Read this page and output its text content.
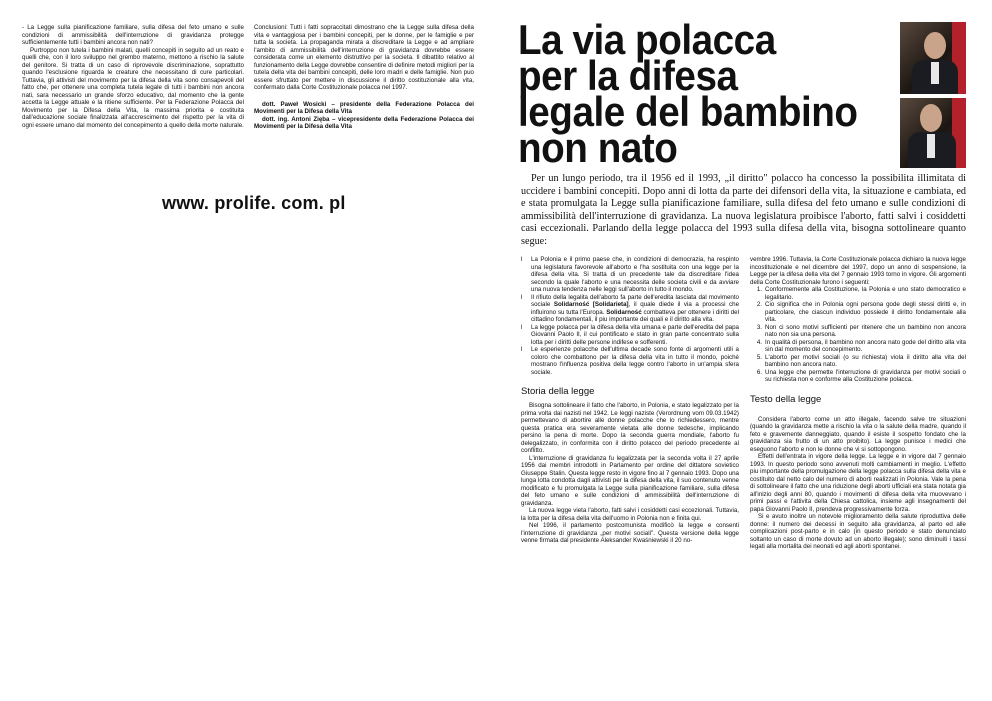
- La Legge sulla pianificazione familiare, sulla difesa del feto umano e sulle condizioni di ammissibilità dell'interruzione di gravidanza protegge sufficientemente tutti i bambini ancora non nati?

Purtroppo non tutela i bambini malati, quelli concepiti in seguito ad un reato e quelli che, con il loro sviluppo nel grembo materno, mettono a rischio la salute del genitore. Si tratta di un caso di riprovevole discriminazione, soprattutto quando l'esclusione riguarda le creature che necessitano di cure particolari. Tuttavia, gli attivisti del movimento per la difesa della vita sono consapevoli del fatto che, per ottenere una completa tutela legale di tutti i bambini non ancora nati, sara necessario un grande sforzo educativo, dal momento che la gente accetta la Legge attuale e la ritiene sufficiente. Per la Federazione Polacca del Movimento per la Difesa della Vita, la massima priorita e costituita dall'educazione sociale finalizzata all'accrescimento del rispetto per la vita di ogni essere umano dal momento del concepimento a quello della morte naturale.

Conclusioni: Tutti i fatti sopraccitati dimostrano che la Legge sulla difesa della vita e vantaggiosa per i bambini concepiti, per le donne, per le famiglie e per tutta la societa. La propaganda mirata a discreditare la Legge e ad ampliare l'ambito di ammissibilità dell'interruzione di gravidanza dovrebbe essere considerata come un elemento distruttivo per la societa. Il dibattito relativo al funzionamento della Legge dovrebbe consentire di definire metodi migliori per la tutela della vita dei bambini concepiti, delle loro madri e delle famiglie. Non puo essere sfruttato per mettere in discussione il diritto costituzionale alla vita, confermato dalla Corte Costituzionale polacca nel 1997.

dott. Paweł Wosicki – presidente della Federazione Polacca dei Movimenti per la Difesa della Vita

dott. ing. Antoni Zięba – vicepresidente della Federazione Polacca dei Movimenti per la Difesa della Vita

www. prolife. com. pl
La via polacca
per la difesa
legale del bambino
non nato
Per un lungo periodo, tra il 1956 ed il 1993, „il diritto" polacco ha concesso la possibilita illimitata di uccidere i bambini concepiti. Dopo anni di lotta da parte dei difensori della vita, la situazione e cambiata, ed e stata promulgata la Legge sulla pianificazione familiare, sulla difesa del feto umano e sulle condizioni di ammissibilità dell'interruzione di gravidanza. La nuova legislatura proibisce l'aborto, fatti salvi i cosiddetti casi eccezionali. Parlando della legge polacca del 1993 sulla difesa della vita, bisogna sottolineare quanto segue:
l	La Polonia e il primo paese che, in condizioni di democrazia, ha respinto una legislatura favorevole all'aborto e l'ha sostituita con una legge per la difesa della vita. Si tratta di un precedente tale da discreditare l'idea secondo la quale l'aborto e una necessita delle societa civili e da avviare una nuova tendenza nelle leggi sull'aborto in tutto il mondo.
l	Il rifiuto della legalita dell'aborto fa parte dell'eredita lasciata dal movimento sociale Solidarność [Solidarieta], il quale diede il via a processi che influirono su tutta l'Europa. Solidarność combatteva per ottenere i diritti del cittadino fondamentali, il piu importante dei quali e il diritto alla vita.
l	La legge polacca per la difesa della vita umana e parte dell'eredita del papa Giovanni Paolo II, il cui pontificato e stato in gran parte concentrato sulla lotta per i diritti delle persone indifese e sofferenti.
l	Le esperienze polacche dell'ultima decade sono fonte di argomenti utili a coloro che combattono per la difesa della vita in tutto il mondo, poiché mostrano l'influenza positiva della legge contro l'aborto in un'ampia sfera sociale.
Storia della legge

Bisogna sottolineare il fatto che l'aborto, in Polonia, e stato legalizzato per la prima volta dai nazisti nel 1942. Le leggi naziste (Verordnung vom 09.03.1942) permettevano di abortire alle donne polacche che lo richiedessero, mentre questa pratica era severamente vietata alle donne tedesche, implicando persino la pena di morte. Dopo la seconda guerra mondiale, l'aborto fu delegalizzato, in conformita con il diritto polacco del periodo precedente al conflitto.

L'interruzione di gravidanza fu legalizzata per la seconda volta il 27 aprile 1956 dai membri introdotti in Parlamento per ordine del dittatore sovietico Giuseppe Stalin. Questa legge resto in vigore fino al 7 gennaio 1993. Dopo una lunga lotta condotta dagli attivisti per la difesa della vita, il suo contenuto venne modificato e fu promulgata la Legge sulla pianificazione familiare, sulla difesa del feto umano e sulle condizioni di ammissibilità dell'interruzione di gravidanza.

La nuova legge vieta l'aborto, fatti salvi i cosiddetti casi eccezionali. Tuttavia, la lotta per la difesa della vita dell'uomo in Polonia non e finita qui.

Nel 1996, il parlamento postcomunista modificò la legge e consenti l'interruzione di gravidanza „per motivi sociali". Questa versione della legge venne firmata dal presidente Aleksander Kwaśniewski il 20 no-

vembre 1996. Tuttavia, la Corte Costituzionale polacca dichiaro la nuova legge incostituzionale e nel dicembre del 1997, dopo un anno di sospensione, la Legge per la difesa della vita del 7 gennaio 1993 torno in vigore. Gli argomenti della Corte Costituzionale furono i seguenti:

1. Conformemente alla Costituzione, la Polonia e uno stato democratico e legalitario.
2. Cio significa che in Polonia ogni persona gode degli stessi diritti e, in particolare, che ciascun individuo possiede il diritto fondamentale alla vita.
3. Non ci sono motivi sufficienti per ritenere che un bambino non ancora nato non sia una persona.
4. In qualità di persona, il bambino non ancora nato gode del diritto alla vita sin dal momento del concepimento.
5. L'aborto per motivi sociali (o su richiesta) viola il diritto alla vita del bambino non ancora nato.
6. Una legge che permette l'interruzione di gravidanza per motivi sociali o su richiesta non e conforme alla Costituzione polacca.
Testo della legge

Considera l'aborto come un atto illegale, facendo salve tre situazioni (quando la gravidanza mette a rischio la vita o la salute della madre, quando il feto e gravemente danneggiato, quando il esiste il sospetto fondato che la gravidanza sia frutto di un atto proibito). La legge punisce i medici che eseguono l'aborto e non le donne che vi si sottopongono.

Effetti dell'entrata in vigore della legge. La legge e in vigore dal 7 gennaio 1993. In questo periodo sono avvenuti molti cambiamenti in meglio. L'effetto piu importante della promulgazione della legge polacca sulla difesa della vita e costituito dal netto calo del numero di aborti realizzati in Polonia. Vale la pena di sottolineare il fatto che una riduzione degli aborti ufficiali era stata notata gia all'inizio degli anni 80, quando i movimenti di difesa della vita muovevano i primi passi e l'attivita della Chiesa cattolica, insieme agli insegnamenti del papa Giovanni Paolo II, prendeva progressivamente forza.

Si e avuto inoltre un notevole miglioramento della salute riproduttiva delle donne: il numero dei decessi in seguito alla gravidanza, al parto ed alle complicazioni post-parto e in calo (in questo periodo e stato denunciato soltanto un caso di morte dovuto ad un aborto illegale); sono diminuiti i tassi legati alla mortalita dei neonati ed agli aborti spontanei.
